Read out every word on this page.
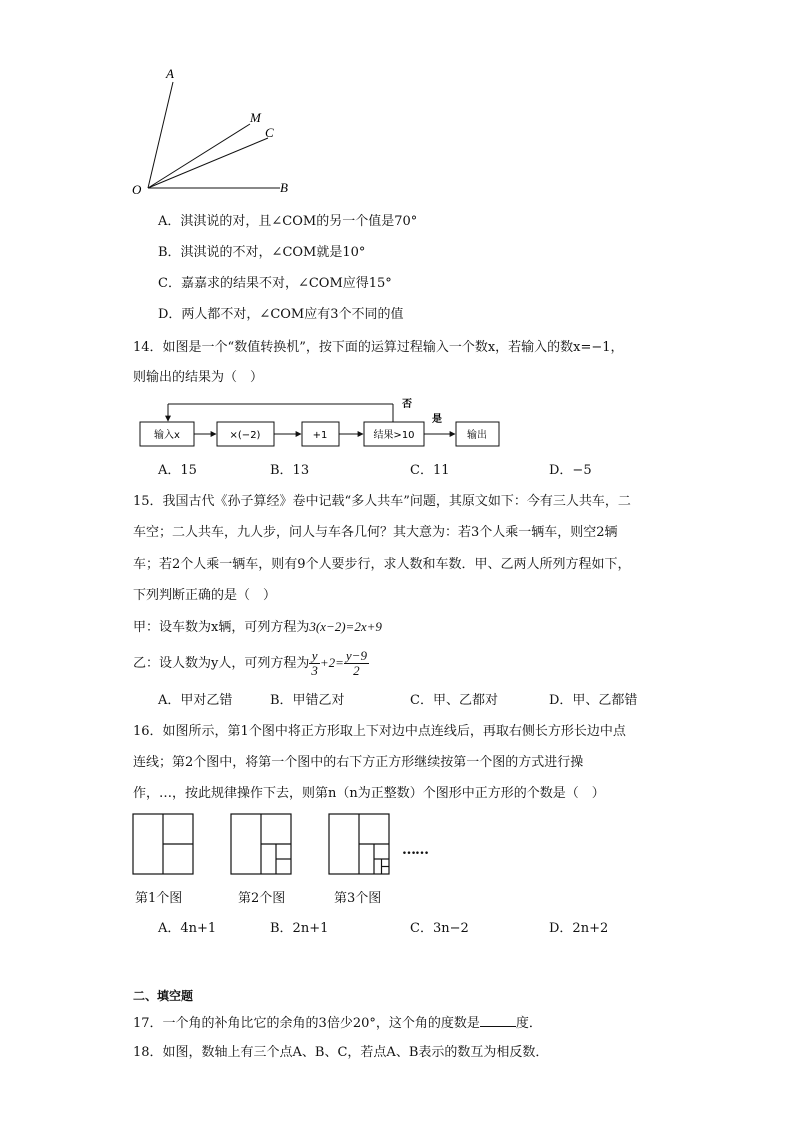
A
M
C
O	B
A．淇淇说的对，且∠COM的另一个值是70°
B．淇淇说的不对，∠COM就是10°
C．嘉嘉求的结果不对，∠COM应得15°
D．两人都不对，∠COM应有3个不同的值
14．如图是一个“数值转换机”，按下面的运算过程输入一个数x，若输入的数x=−1，
则输出的结果为（　）
否
是
输入x	×(−2)	+1	结果>10	输出
A．15	B．13	C．11	D．−5
15．我国古代《孙子算经》卷中记载“多人共车”问题，其原文如下：今有三人共车，二
车空；二人共车，九人步，问人与车各几何？其大意为：若3个人乘一辆车，则空2辆
车；若2个人乘一辆车，则有9个人要步行，求人数和车数．甲、乙两人所列方程如下，
下列判断正确的是（　）
甲：设车数为x辆，可列方程为3(x−2)=2x+9
乙：设人数为y人，可列方程为 $\frac{y}{3} +2= \frac{y-9}{2}$
A．甲对乙错	B．甲错乙对	C．甲、乙都对	D．甲、乙都错
16．如图所示，第1个图中将正方形取上下对边中点连线后，再取右侧长方形长边中点
连线；第2个图中，将第一个图中的右下方正方形继续按第一个图的方式进行操
作，…，按此规律操作下去，则第n（n为正整数）个图形中正方形的个数是（　）
……
第1个图	第2个图	第3个图
A．4n+1	B．2n+1	C．3n−2	D．2n+2
二、填空题
17．一个角的补角比它的余角的3倍少20°，这个角的度数是	度．
18．如图，数轴上有三个点A、B、C，若点A、B表示的数互为相反数．
